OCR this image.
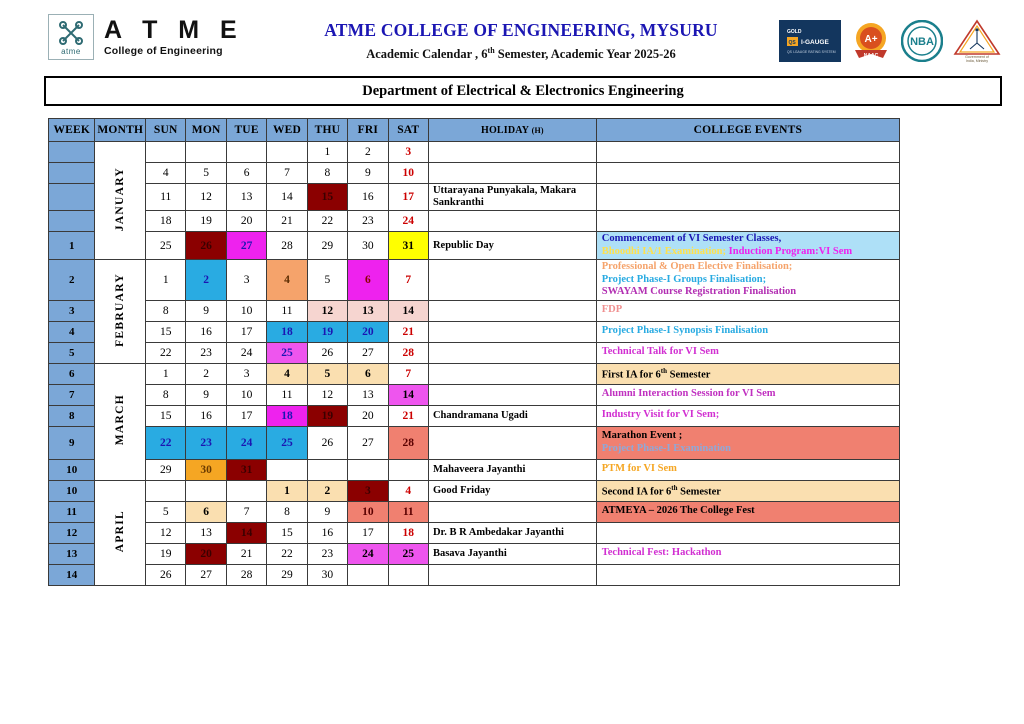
atme
A T M E
College of Engineering
ATME COLLEGE OF ENGINEERING, MYSURU
Academic Calendar , 6th Semester, Academic Year 2025-26
GOLD
QS I-GAUGE
QS I-GAUGE RATING SYSTEM
A+
NAAC
NBA
Government of
India, Ministry
Department of Electrical & Electronics Engineering
WEEK	MONTH	SUN	MON	TUE	WED	THU	FRI	SAT	HOLIDAY (H)	COLLEGE EVENTS
	JANUARY					1	2	3		
		4	5	6	7	8	9	10		
		11	12	13	14	15	16	17	Uttarayana Punyakala, Makara Sankranthi	
		18	19	20	21	22	23	24		
1		25	26	27	28	29	30	31	Republic Day	Commencement of VI Semester Classes,
Bhoodhi IA/1 Examination; Induction Program:VI Sem

2	FEBRUARY	1	2	3	4	5	6	7		Professional & Open Elective Finalisation;
Project Phase-I Groups Finalisation;
SWAYAM Course Registration Finalisation

3		8	9	10	11	12	13	14		FDP

4		15	16	17	18	19	20	21		Project Phase-I Synopsis Finalisation

5		22	23	24	25	26	27	28		Technical Talk for VI Sem

6	MARCH	1	2	3	4	5	6	7		First IA for 6th Semester

7		8	9	10	11	12	13	14		Alumni Interaction Session for VI Sem

8		15	16	17	18	19	20	21	Chandramana Ugadi	Industry Visit for VI Sem;

9		22	23	24	25	26	27	28		Marathon Event ;
Project Phase-I Examination

10		29	30	31					Mahaveera Jayanthi	PTM for VI Sem

10	APRIL				1	2	3	4	Good Friday	Second IA for 6th Semester

11		5	6	7	8	9	10	11		ATMEYA – 2026 The College Fest

12		12	13	14	15	16	17	18	Dr. B R Ambedakar Jayanthi	
13		19	20	21	22	23	24	25	Basava Jayanthi	Technical Fest: Hackathon

14		26	27	28	29	30				
